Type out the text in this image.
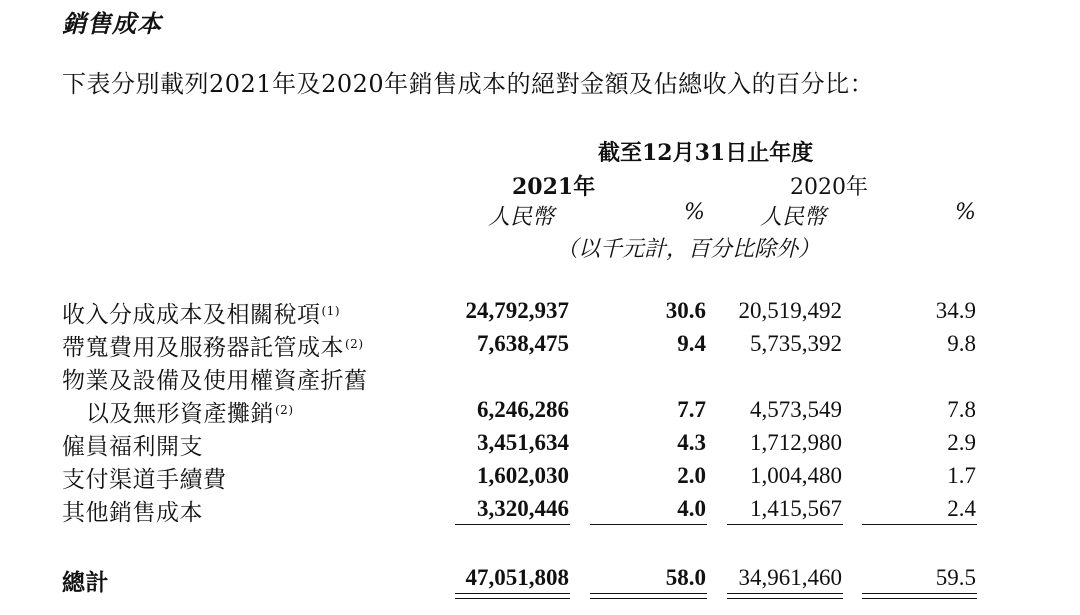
銷售成本
下表分別載列2021年及2020年銷售成本的絕對金額及佔總收入的百分比：
截至12月31日止年度
2021年	2020年
人民幣	%	人民幣	%
（以千元計，百分比除外）
收入分成成本及相關稅項$^{(1)}$	24,792,937	30.6 20,519,492	34.9
帶寬費用及服務器託管成本$^{(2)}$	7,638,475	9.4 5,735,392	9.8
物業及設備及使用權資產折舊
以及無形資產攤銷$^{(2)}$	6,246,286	7.7 4,573,549	7.8
僱員福利開支	3,451,634	4.3 1,712,980	2.9
支付渠道手續費	1,602,030	2.0 1,004,480	1.7
其他銷售成本	3,320,446	4.0 1,415,567	2.4
總計	47,051,808	58.0 34,961,460	59.5
